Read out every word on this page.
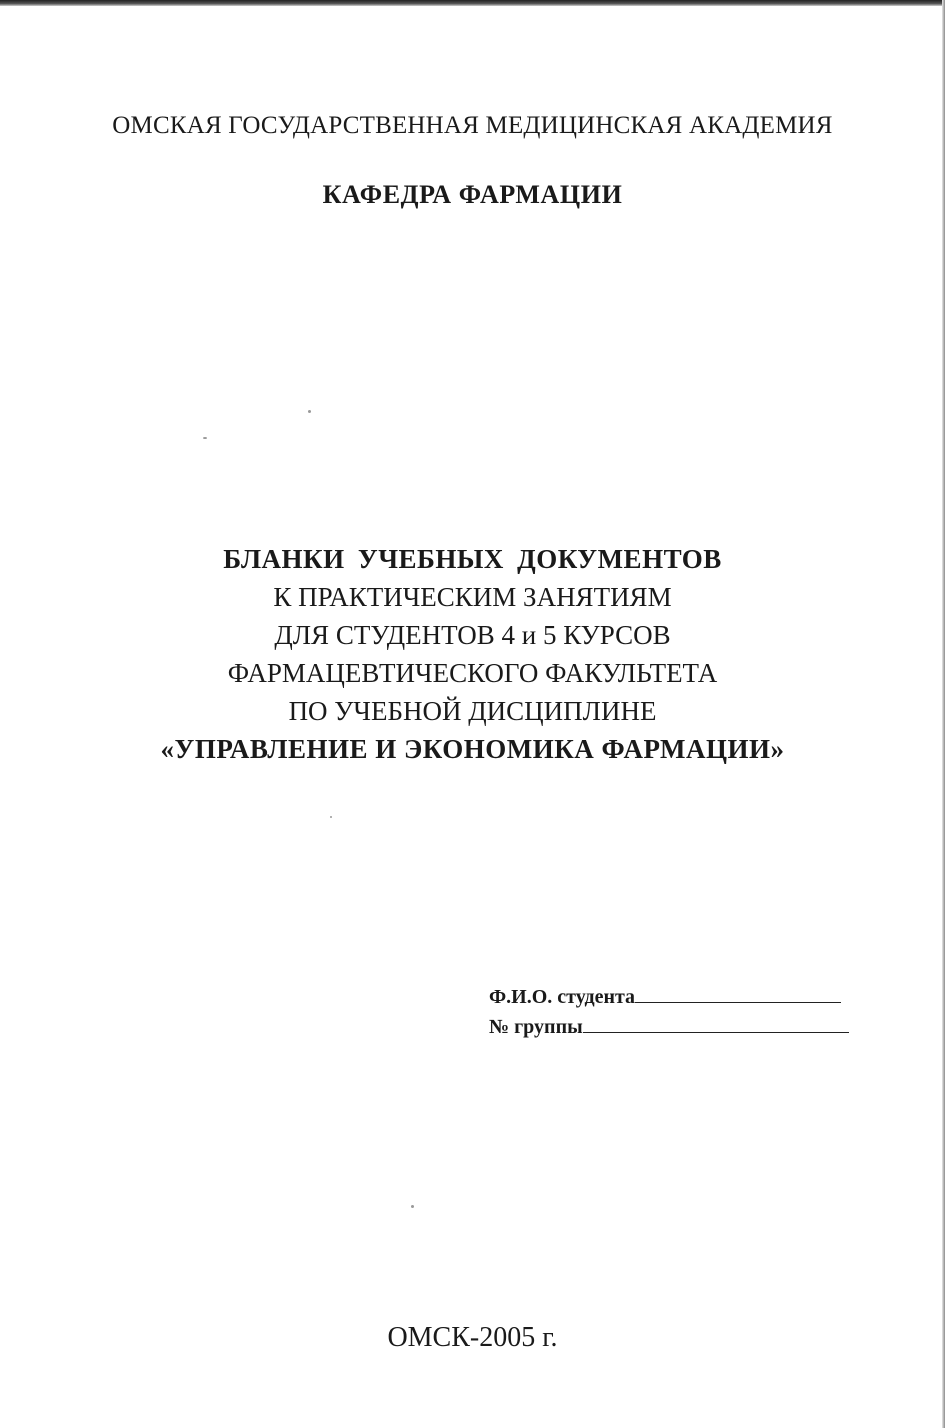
ОМСКАЯ ГОСУДАРСТВЕННАЯ МЕДИЦИНСКАЯ АКАДЕМИЯ
КАФЕДРА ФАРМАЦИИ
БЛАНКИ УЧЕБНЫХ ДОКУМЕНТОВ
К ПРАКТИЧЕСКИМ ЗАНЯТИЯМ
ДЛЯ СТУДЕНТОВ 4 и 5 КУРСОВ
ФАРМАЦЕВТИЧЕСКОГО ФАКУЛЬТЕТА
ПО УЧЕБНОЙ ДИСЦИПЛИНЕ
«УПРАВЛЕНИЕ И ЭКОНОМИКА ФАРМАЦИИ»
Ф.И.О. студента
№ группы
ОМСК-2005 г.
